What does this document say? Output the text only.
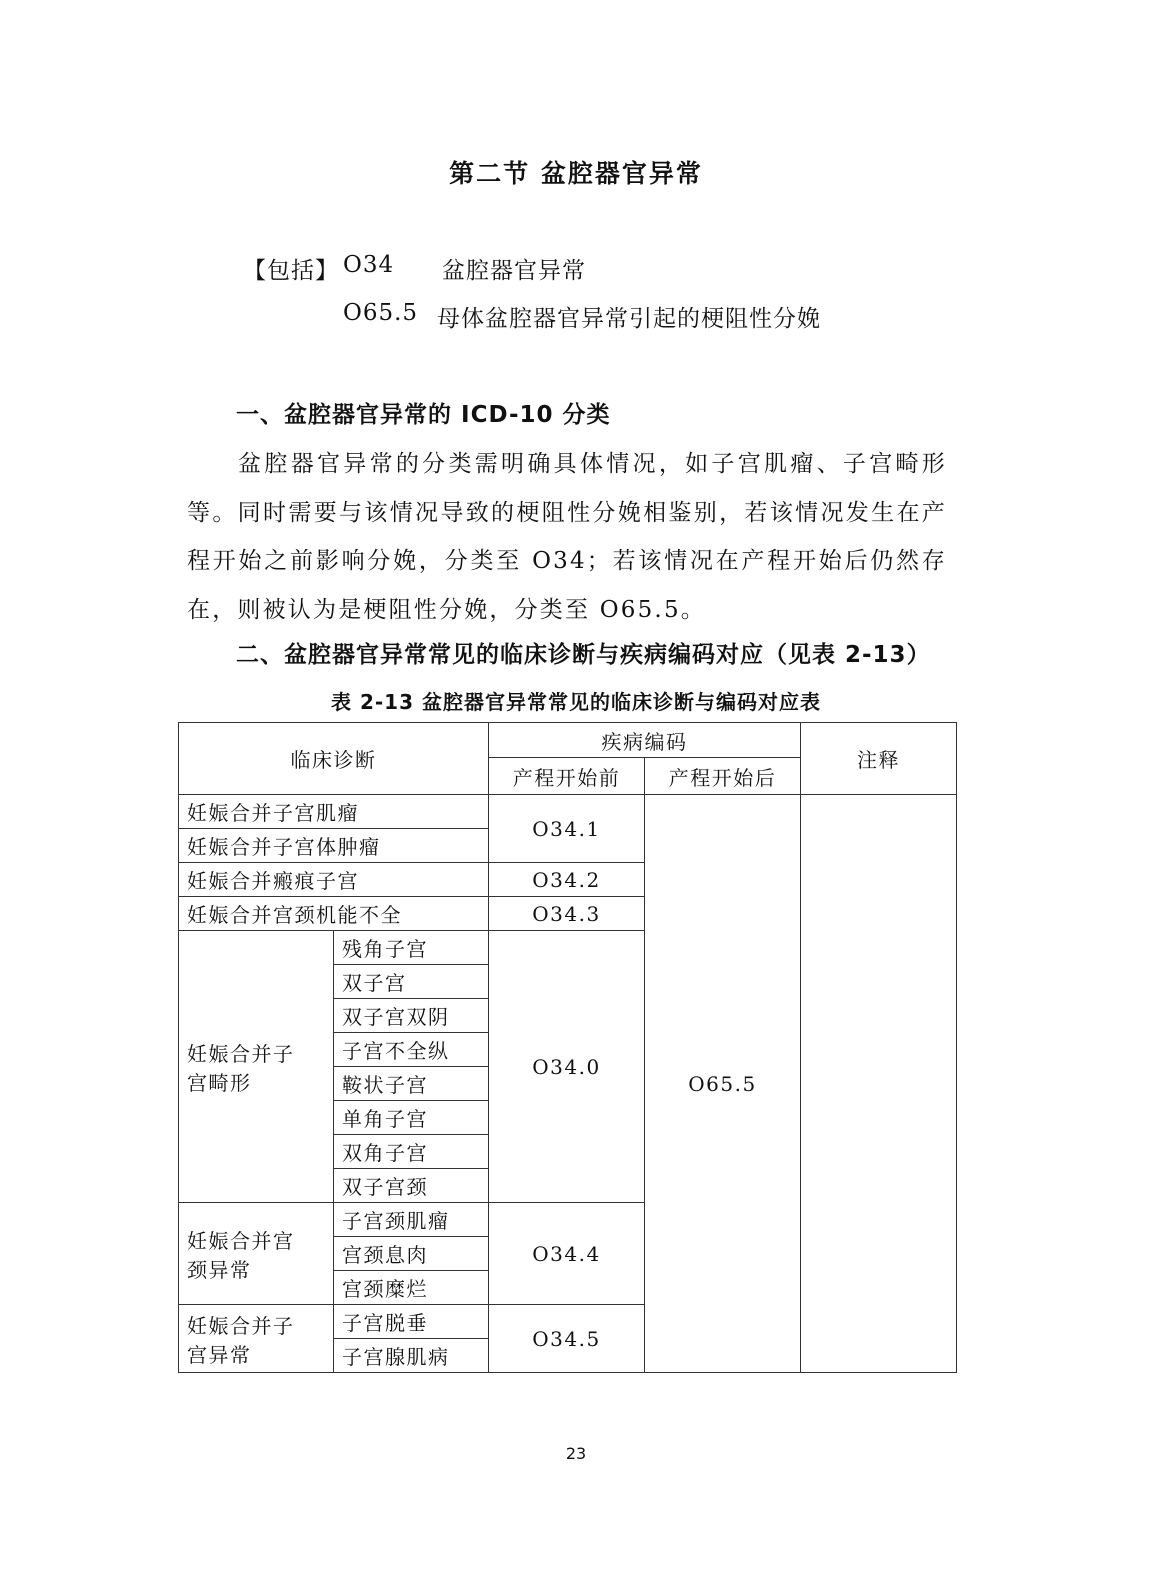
第二节 盆腔器官异常
【包括】 O34 盆腔器官异常
O65.5 母体盆腔器官异常引起的梗阻性分娩
一、盆腔器官异常的 ICD-10 分类
盆腔器官异常的分类需明确具体情况，如子宫肌瘤、子宫畸形等。同时需要与该情况导致的梗阻性分娩相鉴别，若该情况发生在产程开始之前影响分娩，分类至 O34；若该情况在产程开始后仍然存在，则被认为是梗阻性分娩，分类至 O65.5。
二、盆腔器官异常常见的临床诊断与疾病编码对应（见表 2-13）
表 2-13 盆腔器官异常常见的临床诊断与编码对应表
临床诊断		疾病编码		注释
		产程开始前	产程开始后	
妊娠合并子宫肌瘤		O34.1	O65.5	
妊娠合并子宫体肿瘤				
妊娠合并瘢痕子宫		O34.2		
妊娠合并宫颈机能不全		O34.3		
妊娠合并子宫畸形	残角子宫	O34.0		
	双子宫			
	双子宫双阴			
	子宫不全纵			
	鞍状子宫			
	单角子宫			
	双角子宫			
	双子宫颈			
妊娠合并宫颈异常	子宫颈肌瘤	O34.4		
	宫颈息肉			
	宫颈糜烂			
妊娠合并子宫异常	子宫脱垂	O34.5		
	子宫腺肌病			
23
